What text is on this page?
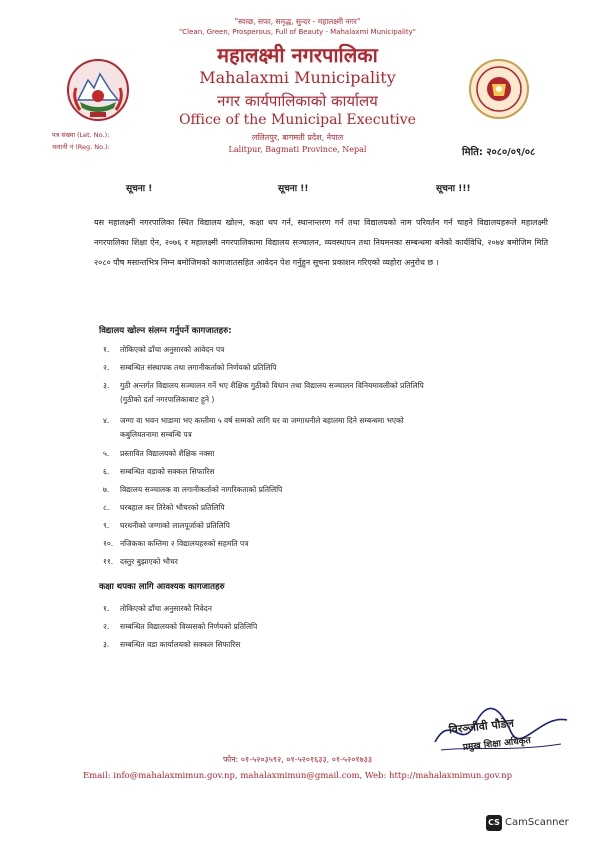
"स्वच्छ, सफा, समृद्ध, सुन्दर - महालक्ष्मी नगर"
"Clean, Green, Prosperous, Full of Beauty - Mahalaxmi Municipality"
महालक्ष्मी नगरपालिका
Mahalaxmi Municipality
नगर कार्यपालिकाको कार्यालय
Office of the Municipal Executive
ललितपुर, बागमती प्रदेश, नेपाल
Lalitpur, Bagmati Province, Nepal
पत्र संख्या (Let. No.):
चलानी नं (Reg. No.):	मिति: २०८०/०९/०८
सूचना !	सूचना !!	सूचना !!!
यस महालक्ष्मी नगरपालिका स्थित विद्यालय खोल्न, कक्षा थप गर्न, स्थानान्तरण गर्न तथा विद्यालयको नाम परिवर्तन गर्न चाहने विद्यालयहरूले महालक्ष्मी नगरपालिका शिक्षा ऐन, २०७६ र महालक्ष्मी नगरपालिकामा विद्यालय सञ्चालन, व्यवस्थापन तथा नियमनका सम्बन्धमा बनेको कार्यविधि, २०७४ बमोजिम मिति २०८० पौष मसान्तभित्र निम्न बमोजिमको कागजातसहित आवेदन पेश गर्नुहुन सूचना प्रकाशन गरिएको व्यहोरा अनुरोध छ ।
विद्यालय खोल्न संलग्न गर्नुपर्ने कागजातहरु:
१. तोकिएको ढाँचा अनुसारको आवेदन पत्र
२. सम्बन्धित संस्थापक तथा लगानीकर्ताको निर्णयको प्रतिलिपि
३. गुठी अन्तर्गत विद्यालय सञ्चालन गर्ने भए शैक्षिक गुठीको विधान तथा विद्यालय सञ्चालन विनियमावलीको प्रतिलिपि
(गुठीको दर्ता नगरपालिकाबाट हुने )
४. जग्गा वा भवन भाडामा भए कम्तीमा ५ वर्ष सम्मको लागि घर वा जग्गाधनीले बहालमा दिने सम्बन्धमा भएको
कबुलियतनामा सम्बन्धि पत्र
५. प्रस्तावित विद्यालयको शैक्षिक नक्सा
६. सम्बन्धित वडाको सक्कल सिफारिस
७. विद्यालय सञ्चालक वा लगानीकर्ताको नागरिकताको प्रतिलिपि
८. घरबहाल कर तिरेको भौचरको प्रतिलिपि
९. घरधनीको जग्गाको लालपूर्जाको प्रतिलिपि
१०. नजिकका कम्तिमा २ विद्यालयहरुको सहमति पत्र
११. दस्तुर बुझाएको भौचर
कक्षा थपका लागि आवश्यक कागजातहरु
१. तोकिएको ढाँचा अनुसारको निवेदन
२. सम्बन्धित विद्यालयको विव्यसको निर्णयको प्रतिलिपि
३. सम्बन्धित वडा कार्यालयको सक्कल सिफारिस
विरञ्जीवी पौडेल
प्रमुख शिक्षा अधिकृत
फोन: ०१-५२०३५९२, ०१-५२०१६३३, ०१-५२०१७३३
Email: info@mahalaxmimun.gov.np, mahalaxmimun@gmail.com, Web: http://mahalaxmimun.gov.np
CS CamScanner
